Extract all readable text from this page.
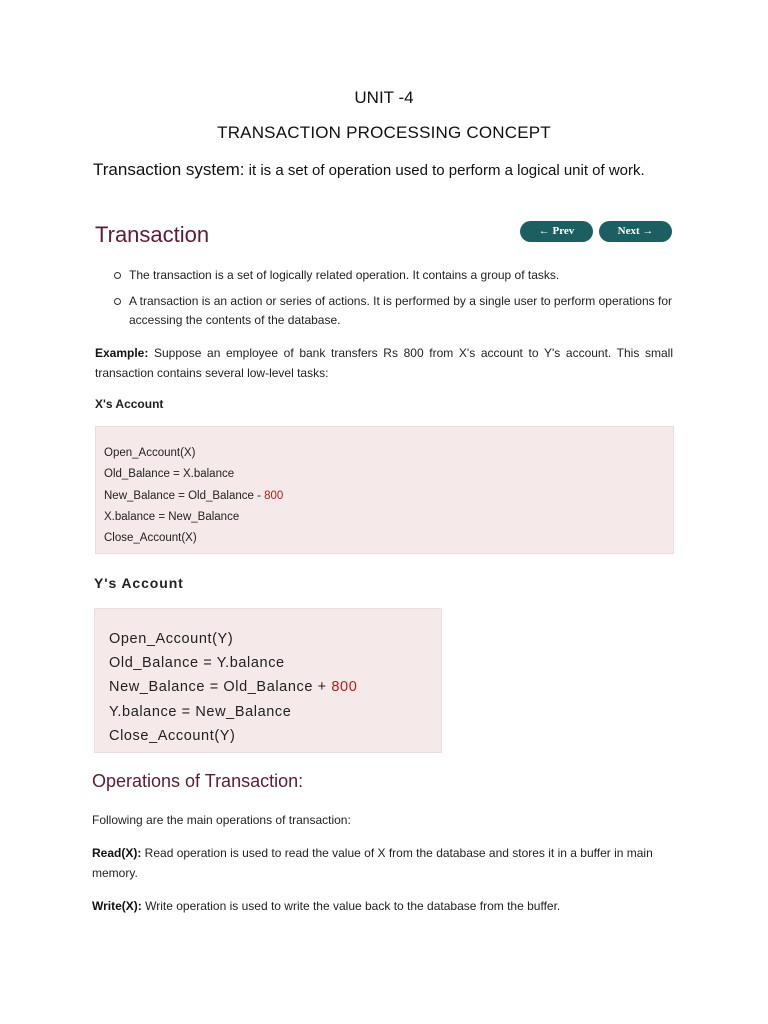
UNIT -4
TRANSACTION PROCESSING CONCEPT
Transaction system: it is a set of operation used to perform a logical unit of work.
Transaction	← Prev	Next →
The transaction is a set of logically related operation. It contains a group of tasks.
A transaction is an action or series of actions. It is performed by a single user to perform operations for accessing the contents of the database.
Example: Suppose an employee of bank transfers Rs 800 from X's account to Y's account. This small transaction contains several low-level tasks:
X's Account
Open_Account(X)
Old_Balance = X.balance
New_Balance = Old_Balance - 800
X.balance = New_Balance
Close_Account(X)
Y's Account
Open_Account(Y)
Old_Balance = Y.balance
New_Balance = Old_Balance + 800
Y.balance = New_Balance
Close_Account(Y)
Operations of Transaction:
Following are the main operations of transaction:
Read(X): Read operation is used to read the value of X from the database and stores it in a buffer in main memory.
Write(X): Write operation is used to write the value back to the database from the buffer.
